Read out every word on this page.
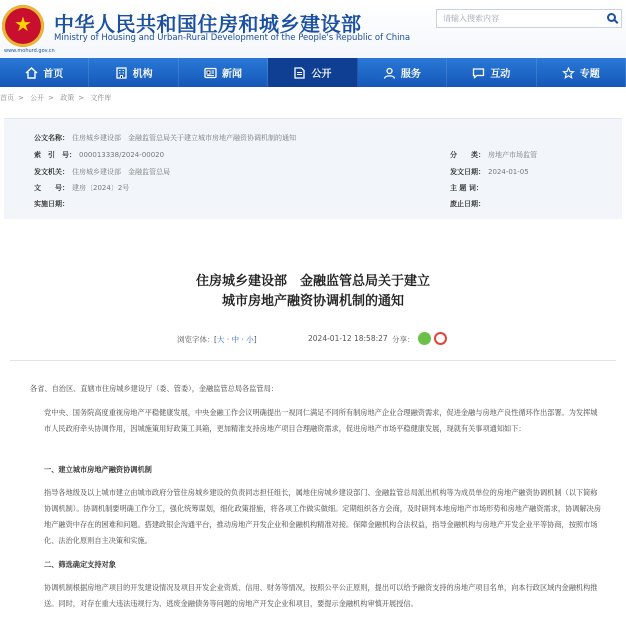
★
中华人民共和国住房和城乡建设部
Ministry of Housing and Urban-Rural Development of the People's Republic of China
www.mohurd.gov.cn
请输入搜索内容
首页	机构	新闻	公开	服务	互动	专题
首页 > 公开 > 政策 > 文件库
公文名称： 住房城乡建设部　金融监管总局关于建立城市房地产融资协调机制的通知
索　引　号： 000013338/2024-00020	分　　类： 房地产市场监管
发文机关： 住房城乡建设部　金融监管总局	发文日期： 2024-01-05
文　　号： 建房〔2024〕2号	主 题 词：
实施日期：	废止日期：
住房城乡建设部　金融监管总局关于建立
城市房地产融资协调机制的通知
浏览字体： [大 · 中 · 小]	2024-01-12 18:58:27 分享：
各省、自治区、直辖市住房城乡建设厅（委、管委），金融监管总局各监管局：
党中央、国务院高度重视房地产平稳健康发展，中央金融工作会议明确提出一视同仁满足不同所有制房地产企业合理融资需求，促进金融与房地产良性循环作出部署。为发挥城市人民政府牵头协调作用，因城施策用好政策工具箱，更加精准支持房地产项目合理融资需求，促进房地产市场平稳健康发展，现就有关事项通知如下：
一、建立城市房地产融资协调机制
指导各地级及以上城市建立由城市政府分管住房城乡建设的负责同志担任组长，属地住房城乡建设部门、金融监管总局派出机构等为成员单位的房地产融资协调机制（以下简称协调机制）。协调机制要明确工作分工，强化统筹谋划，细化政策措施，将各项工作做实做细。定期组织各方会商，及时研判本地房地产市场形势和房地产融资需求，协调解决房地产融资中存在的困难和问题。搭建政银企沟通平台，推动房地产开发企业和金融机构精准对接。保障金融机构合法权益，指导金融机构与房地产开发企业平等协商，按照市场化、法治化原则自主决策和实施。
二、筛选确定支持对象
协调机制根据房地产项目的开发建设情况及项目开发企业资质、信用、财务等情况，按照公平公正原则，提出可以给予融资支持的房地产项目名单，向本行政区域内金融机构推送。同时，对存在重大违法违规行为、逃废金融债务等问题的房地产开发企业和项目，要提示金融机构审慎开展授信。
